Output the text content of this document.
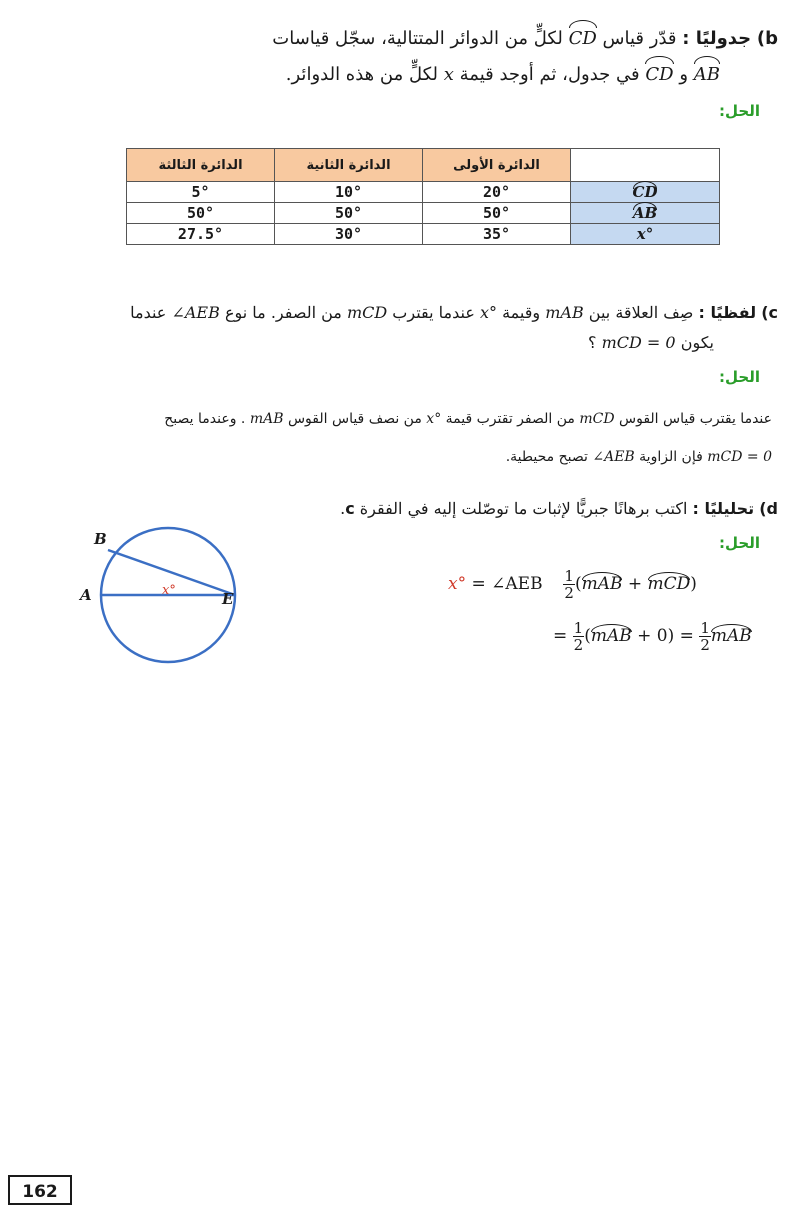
b) جدوليًا : قدّر قياس CD لكلٍّ من الدوائر المتتالية، سجّل قياسات
AB و CD في جدول، ثم أوجد قيمة x لكلٍّ من هذه الدوائر.
الحل:
	الدائرة الأولى	الدائرة الثانية	الدائرة الثالثة
CD	20°	10°	5°
AB	50°	50°	50°
x°	35°	30°	27.5°
c) لفظيًا : صِف العلاقة بين mAB وقيمة x° عندما يقترب mCD من الصفر. ما نوع ∠AEB عندما
يكون mCD = 0 ؟
الحل:
عندما يقترب قياس القوس mCD من الصفر تقترب قيمة x° من نصف قياس القوس mAB . وعندما يصبح
mCD = 0 فإن الزاوية ∠AEB تصبح محيطية.
d) تحليليًا : اكتب برهانًا جبريًّا لإثبات ما توصّلت إليه في الفقرة c.
الحل:
B
A	E
x°	x° = ∠AEB $\frac{1}{2} (mAB + mCD)$
= $\frac{1}{2} (mAB + 0) = \frac{1}{2}$ mAB
162
